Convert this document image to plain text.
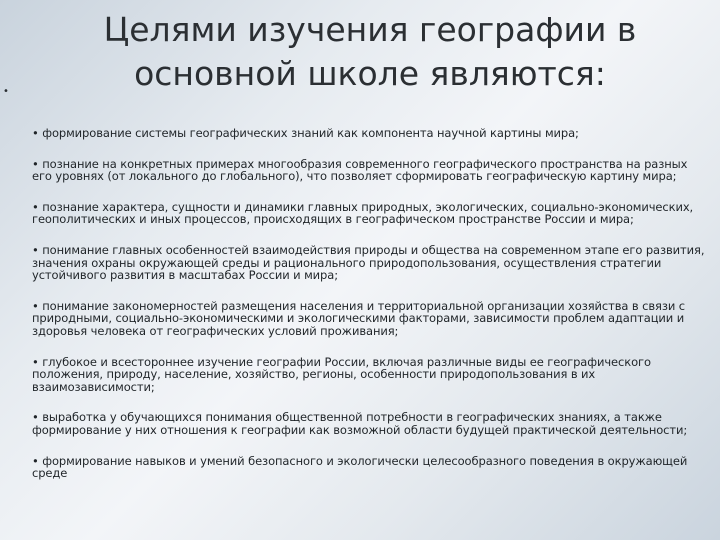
Целями изучения географии в основной школе являются:
•
• формирование системы географических знаний как компонента научной картины мира;
• познание на конкретных примерах многообразия современного географического пространства на разных его уровнях (от локального до глобального), что позволяет сформировать географическую картину мира;
• познание характера, сущности и динамики главных природных, экологических, социально-экономических, геополитических и иных процессов, происходящих в географическом пространстве России и мира;
• понимание главных особенностей взаимодействия природы и общества на современном этапе его развития, значения охраны окружающей среды и рационального природопользования, осуществления стратегии устойчивого развития в масштабах России и мира;
• понимание закономерностей размещения населения и территориальной организации хозяйства в связи с природными, социально-экономическими и экологическими факторами, зависимости проблем адаптации и здоровья человека от географических условий проживания;
• глубокое и всестороннее изучение географии России, включая различные виды ее географического положения, природу, население, хозяйство, регионы, особенности природопользования в их взаимозависимости;
• выработка у обучающихся понимания общественной потребности в географических знаниях, а также формирование у них отношения к географии как возможной области будущей практической деятельности;
• формирование навыков и умений безопасного и экологически целесообразного поведения в окружающей среде
